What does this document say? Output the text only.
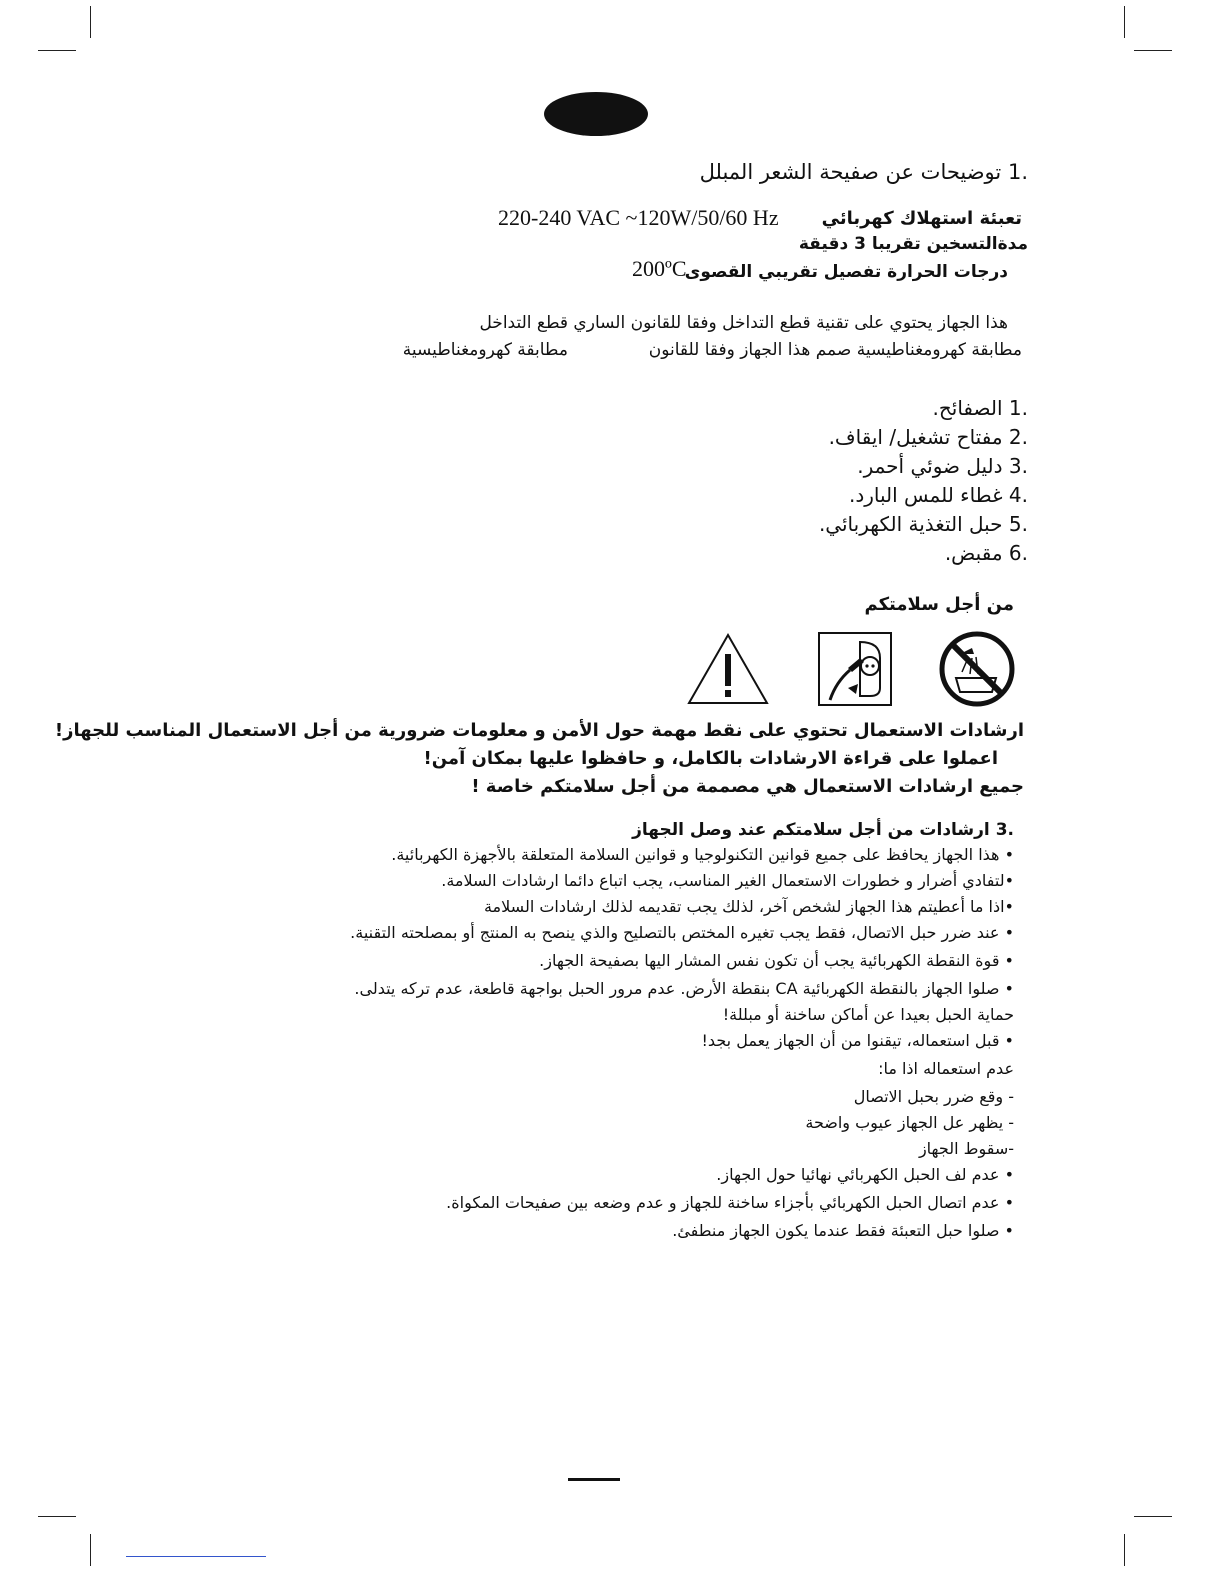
.1 توضيحات عن صفيحة الشعر المبلل
تعبئة استهلاك كهربائي
220-240 VAC ~120W/50/60 Hz
مدةالتسخين تقريبا 3 دقيقة
درجات الحرارة تفصيل تقريبي القصوى
200ºC
هذا الجهاز يحتوي على تقنية قطع التداخل وفقا للقانون الساري قطع التداخل
مطابقة كهرومغناطيسية صمم هذا الجهاز وفقا للقانون
مطابقة كهرومغناطيسية
.1 الصفائح.
.2 مفتاح تشغيل/ ايقاف.
.3 دليل ضوئي أحمر.
.4 غطاء للمس البارد.
.5 حبل التغذية الكهربائي.
.6 مقبض.
من أجل سلامتكم
ارشادات الاستعمال تحتوي على نقط مهمة حول الأمن و معلومات ضرورية من أجل الاستعمال المناسب للجهاز!
اعملوا على قراءة الارشادات بالكامل، و حافظوا عليها بمكان آمن!
جميع ارشادات الاستعمال هي مصممة من أجل سلامتكم خاصة !
.3 ارشادات من أجل سلامتكم عند وصل الجهاز
• هذا الجهاز يحافظ على جميع قوانين التكنولوجيا و قوانين السلامة المتعلقة بالأجهزة الكهربائية.
•لتفادي أضرار و خطورات الاستعمال الغير المناسب، يجب اتباع دائما ارشادات السلامة.
•اذا ما أعطيتم هذا الجهاز لشخص آخر، لذلك يجب تقديمه لذلك ارشادات السلامة
• عند ضرر حبل الاتصال، فقط يجب تغيره المختص بالتصليح والذي ينصح به المنتج أو بمصلحته التقنية.
• قوة النقطة الكهربائية يجب أن تكون نفس المشار اليها بصفيحة الجهاز.
• صلوا الجهاز بالنقطة الكهربائية CA بنقطة الأرض. عدم مرور الحبل بواجهة قاطعة، عدم تركه يتدلى.
حماية الحبل بعيدا عن أماكن ساخنة أو مبللة!
• قبل استعماله، تيقنوا من أن الجهاز يعمل بجد!
عدم استعماله اذا ما:
- وقع ضرر بحبل الاتصال
- يظهر عل الجهاز عيوب واضحة
-سقوط الجهاز
• عدم لف الحبل الكهربائي نهائيا حول الجهاز.
• عدم اتصال الحبل الكهربائي بأجزاء ساخنة للجهاز و عدم وضعه بين صفيحات المكواة.
• صلوا حبل التعبئة فقط عندما يكون الجهاز منطفئ.
